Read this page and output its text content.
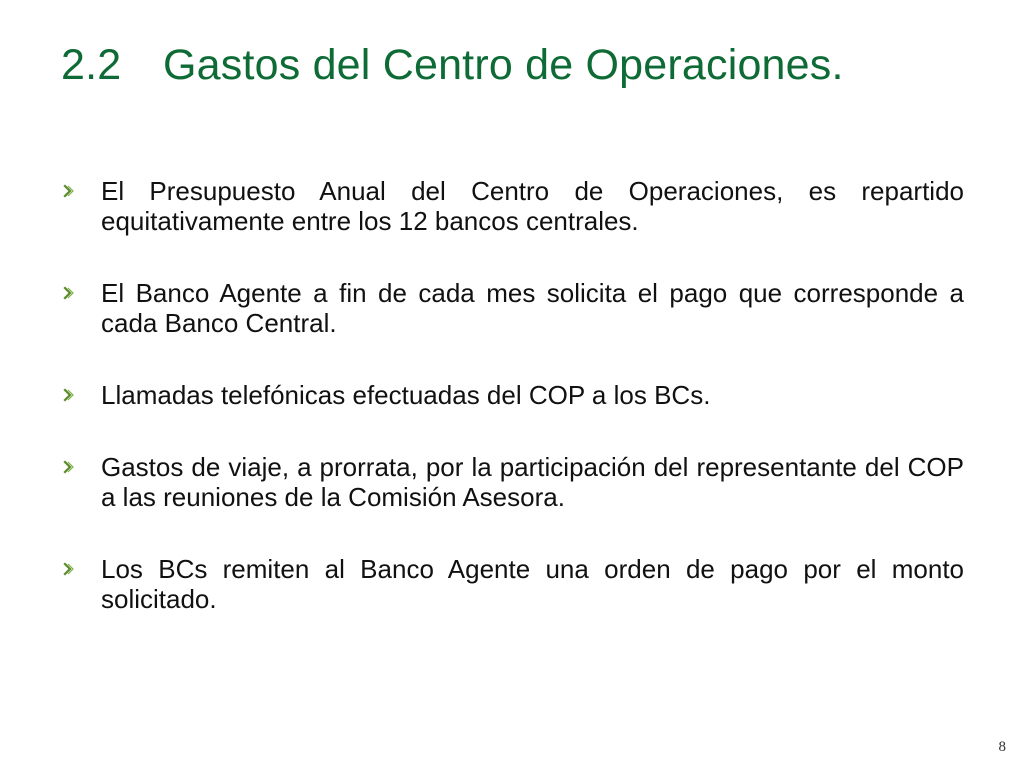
2.2 Gastos del Centro de Operaciones.

El Presupuesto Anual del Centro de Operaciones, es repartido equitativamente entre los 12 bancos centrales.

El Banco Agente a fin de cada mes solicita el pago que corresponde a cada Banco Central.

Llamadas telefónicas efectuadas del COP a los BCs.

Gastos de viaje, a prorrata, por la participación del representante del COP a las reuniones de la Comisión Asesora.

Los BCs remiten al Banco Agente una orden de pago por el monto solicitado.

8
